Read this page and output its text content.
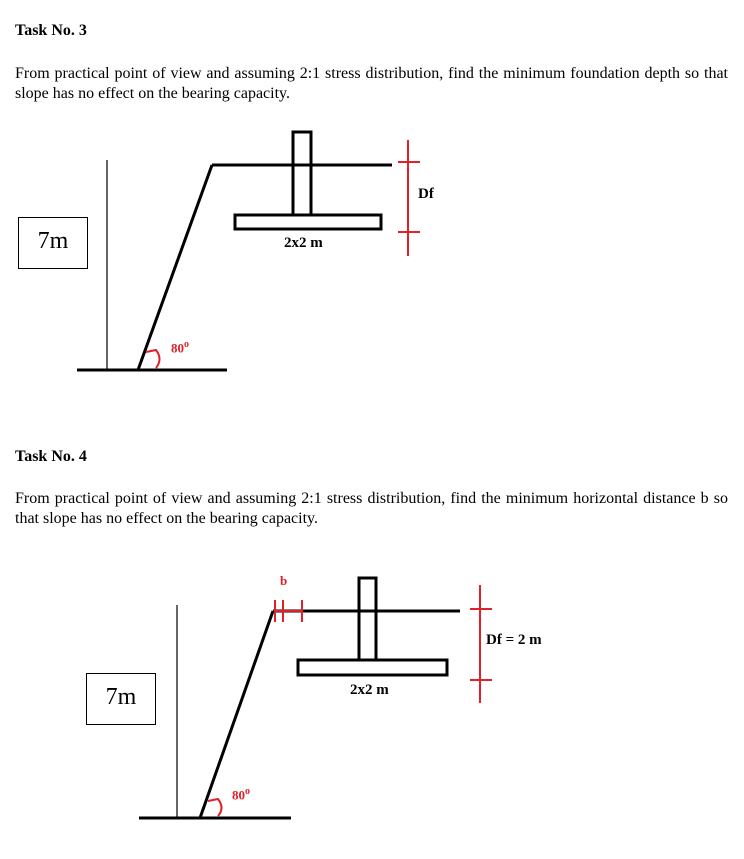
Task No. 3
From practical point of view and assuming 2:1 stress distribution, find the minimum foundation depth so that slope has no effect on the bearing capacity.
7m	2x2 m
Df
80$^o$
Task No. 4
From practical point of view and assuming 2:1 stress distribution, find the minimum horizontal distance b so that slope has no effect on the bearing capacity.
7m
b
2x2 m
Df = 2 m
80$^o$
